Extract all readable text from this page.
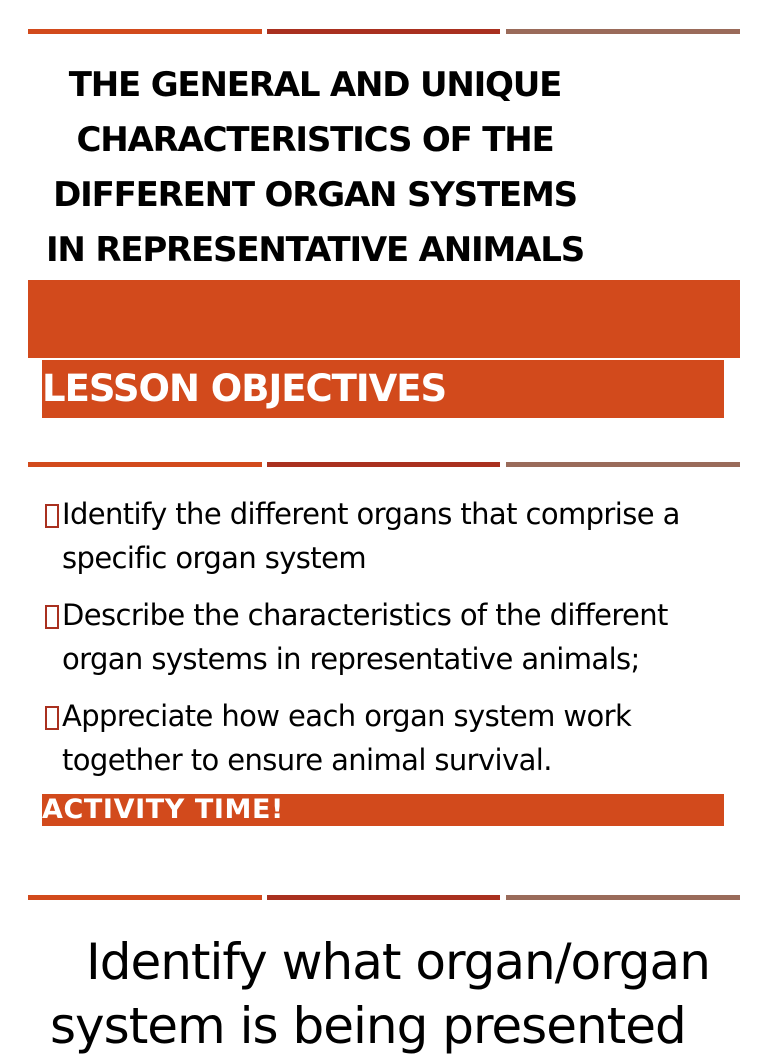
THE GENERAL AND UNIQUE
CHARACTERISTICS OF THE
DIFFERENT ORGAN SYSTEMS
IN REPRESENTATIVE ANIMALS
LESSON OBJECTIVES
Identify the different organs that comprise a specific organ system
Describe the characteristics of the different organ systems in representative animals;
Appreciate how each organ system work together to ensure animal survival.
ACTIVITY TIME!

Identify what organ/organ
system is being presented
